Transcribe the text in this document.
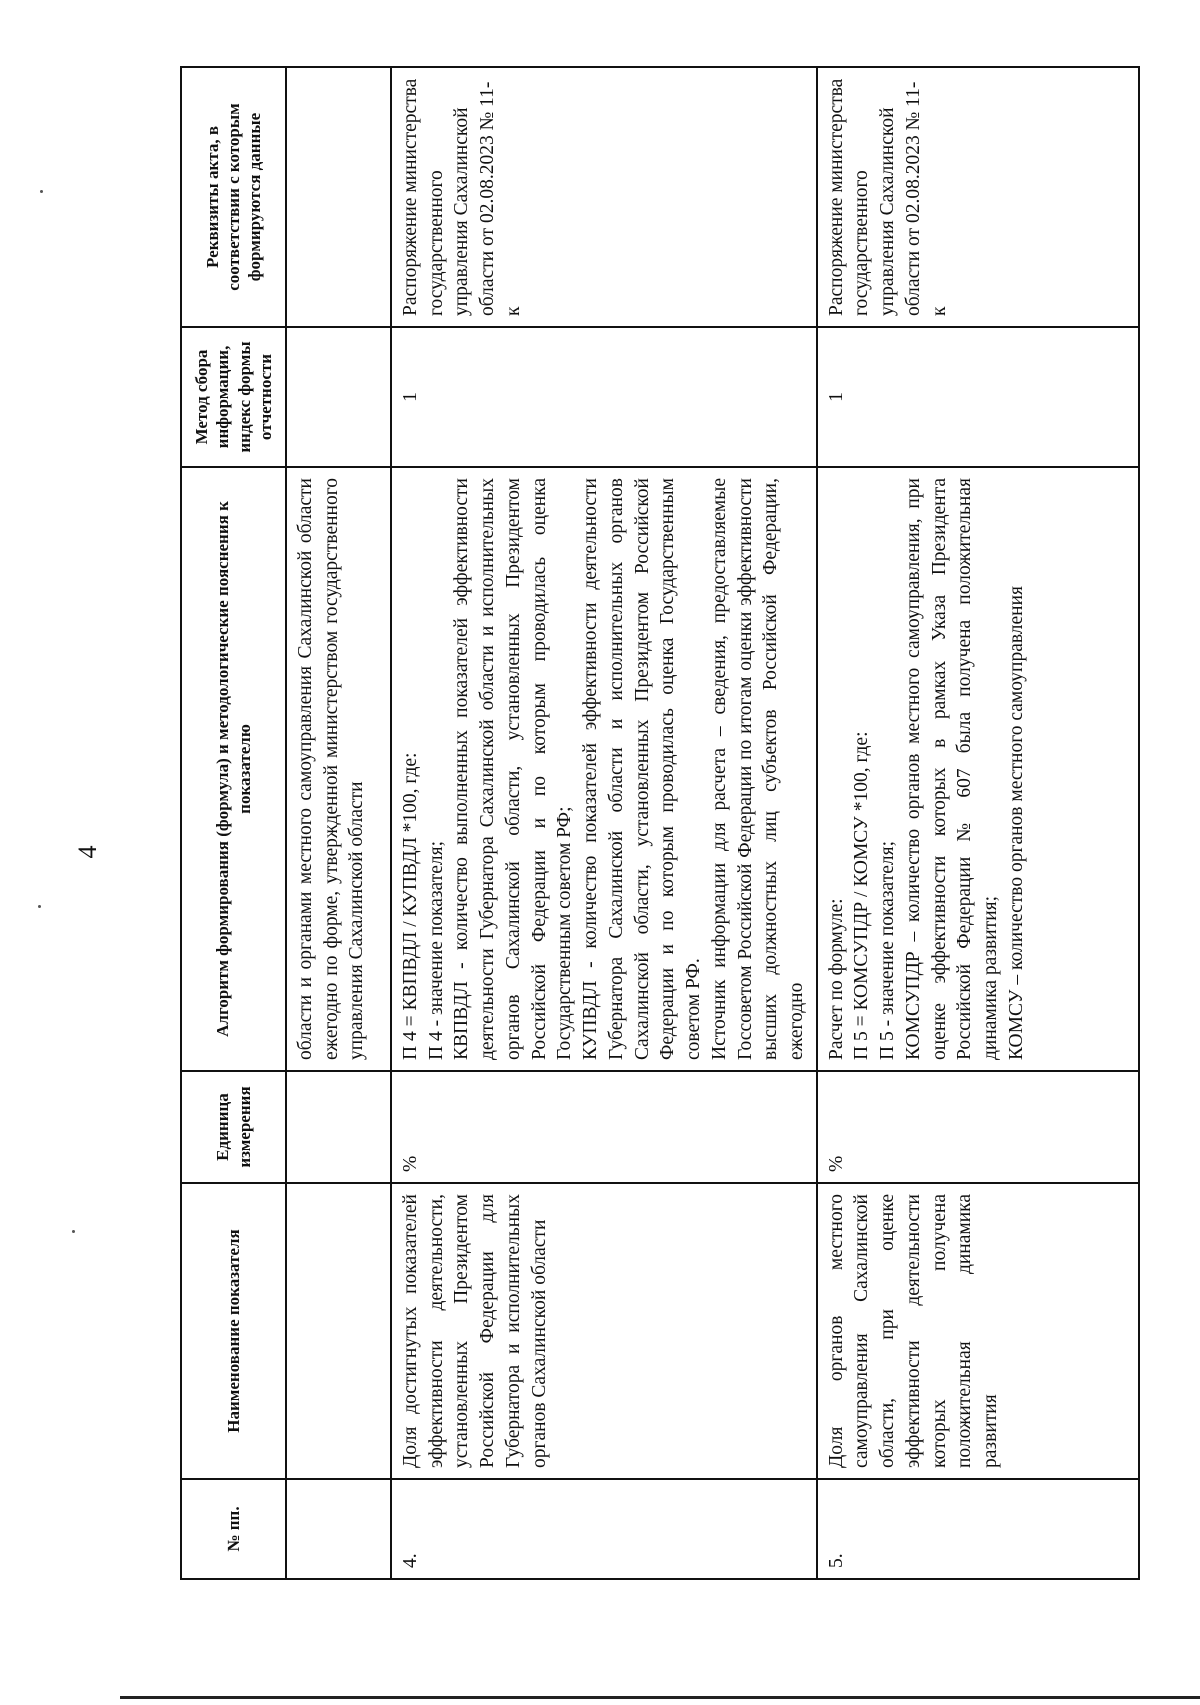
4
№ пп.	Наименование показателя	Единица измерения	Алгоритм формирования (формула) и методологические пояснения к показателю	Метод сбора информации, индекс формы отчетности	Реквизиты акта, в соответствии с которым формируются данные
			области и органами местного самоуправления Сахалинской области ежегодно по форме, утвержденной министерством государственного управления Сахалинской области		
4.	Доля достигнутых показателей эффективности деятельности, установленных Президентом Российской Федерации для Губернатора и исполнительных органов Сахалинской области	%	П 4 = КВПВДЛ / КУПВДЛ *100, где: П 4 - значение показателя; КВПВДЛ - количество выполненных показателей эффективности деятельности Губернатора Сахалинской области и исполнительных органов Сахалинской области, установленных Президентом Российской Федерации и по которым проводилась оценка Государственным советом РФ; КУПВДЛ - количество показателей эффективности деятельности Губернатора Сахалинской области и исполнительных органов Сахалинской области, установленных Президентом Российской Федерации и по которым проводилась оценка Государственным советом РФ. Источник информации для расчета – сведения, предоставляемые Госсоветом Российской Федерации по итогам оценки эффективности высших должностных лиц субъектов Российской Федерации, ежегодно	1	Распоряжение министерства государственного управления Сахалинской области от 02.08.2023 № 11-к
5.	Доля органов местного самоуправления Сахалинской области, при оценке эффективности деятельности которых получена положительная динамика развития	%	Расчет по формуле: П 5 = КОМСУПДР / КОМСУ *100, где: П 5 - значение показателя; КОМСУПДР – количество органов местного самоуправления, при оценке эффективности которых в рамках Указа Президента Российской Федерации № 607 была получена положительная динамика развития; КОМСУ – количество органов местного самоуправления	1	Распоряжение министерства государственного управления Сахалинской области от 02.08.2023 № 11-к
